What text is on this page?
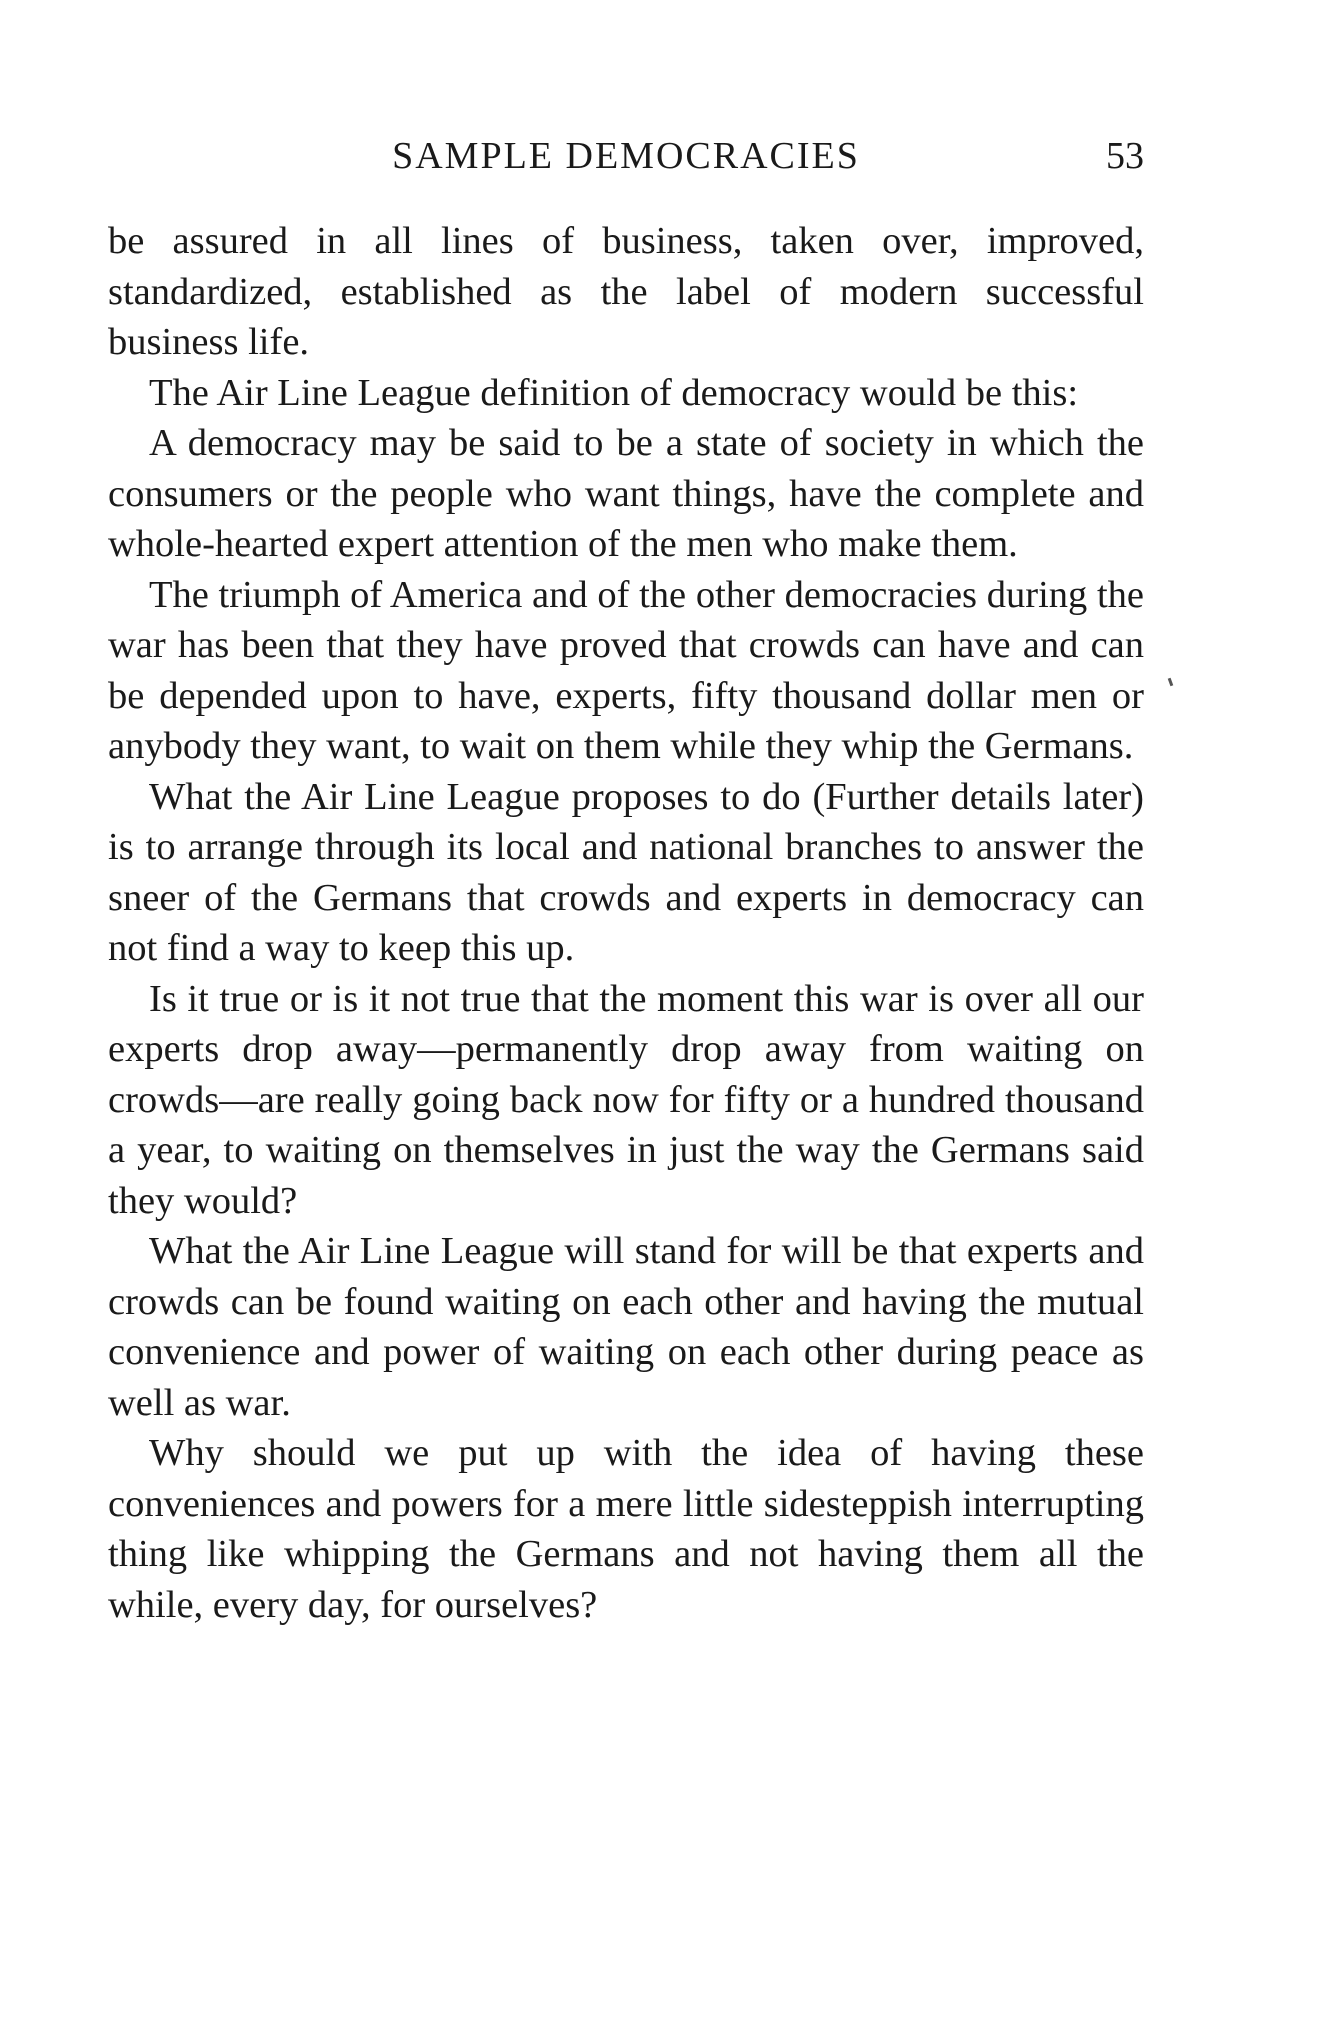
SAMPLE DEMOCRACIES	53

be assured in all lines of business, taken over, improved, standardized, established as the label of modern successful business life.

The Air Line League definition of democracy would be this:

A democracy may be said to be a state of society in which the consumers or the people who want things, have the complete and whole-hearted expert attention of the men who make them.

The triumph of America and of the other democracies during the war has been that they have proved that crowds can have and can be depended upon to have, experts, fifty thousand dollar men or anybody they want, to wait on them while they whip the Germans.

What the Air Line League proposes to do (Further details later) is to arrange through its local and national branches to answer the sneer of the Germans that crowds and experts in democracy can not find a way to keep this up.

Is it true or is it not true that the moment this war is over all our experts drop away—permanently drop away from waiting on crowds—are really going back now for fifty or a hundred thousand a year, to waiting on themselves in just the way the Germans said they would?

What the Air Line League will stand for will be that experts and crowds can be found waiting on each other and having the mutual convenience and power of waiting on each other during peace as well as war.

Why should we put up with the idea of having these conveniences and powers for a mere little sidesteppish interrupting thing like whipping the Germans and not having them all the while, every day, for ourselves?
